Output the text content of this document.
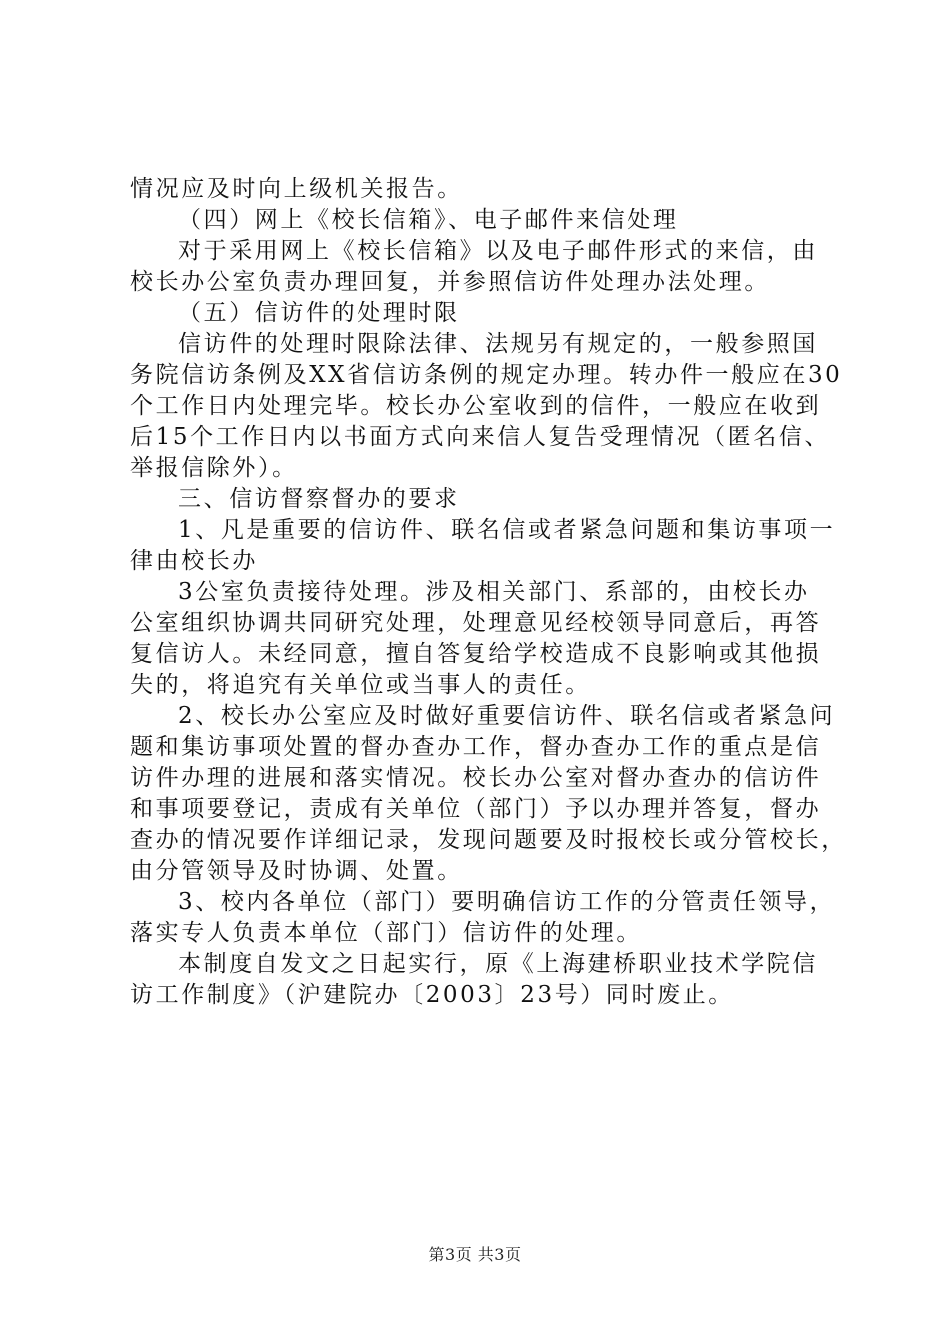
情况应及时向上级机关报告。
（四）网上《校长信箱》、电子邮件来信处理
对于采用网上《校长信箱》以及电子邮件形式的来信，由
校长办公室负责办理回复，并参照信访件处理办法处理。
（五）信访件的处理时限
信访件的处理时限除法律、法规另有规定的，一般参照国
务院信访条例及XX省信访条例的规定办理。转办件一般应在30
个工作日内处理完毕。校长办公室收到的信件，一般应在收到
后15个工作日内以书面方式向来信人复告受理情况（匿名信、
举报信除外）。
三、信访督察督办的要求
1、凡是重要的信访件、联名信或者紧急问题和集访事项一
律由校长办
3公室负责接待处理。涉及相关部门、系部的，由校长办
公室组织协调共同研究处理，处理意见经校领导同意后，再答
复信访人。未经同意，擅自答复给学校造成不良影响或其他损
失的，将追究有关单位或当事人的责任。
2、校长办公室应及时做好重要信访件、联名信或者紧急问
题和集访事项处置的督办查办工作，督办查办工作的重点是信
访件办理的进展和落实情况。校长办公室对督办查办的信访件
和事项要登记，责成有关单位（部门）予以办理并答复，督办
查办的情况要作详细记录，发现问题要及时报校长或分管校长，
由分管领导及时协调、处置。
3、校内各单位（部门）要明确信访工作的分管责任领导，
落实专人负责本单位（部门）信访件的处理。
本制度自发文之日起实行，原《上海建桥职业技术学院信
访工作制度》（沪建院办〔2003〕23号）同时废止。
第3页 共3页
